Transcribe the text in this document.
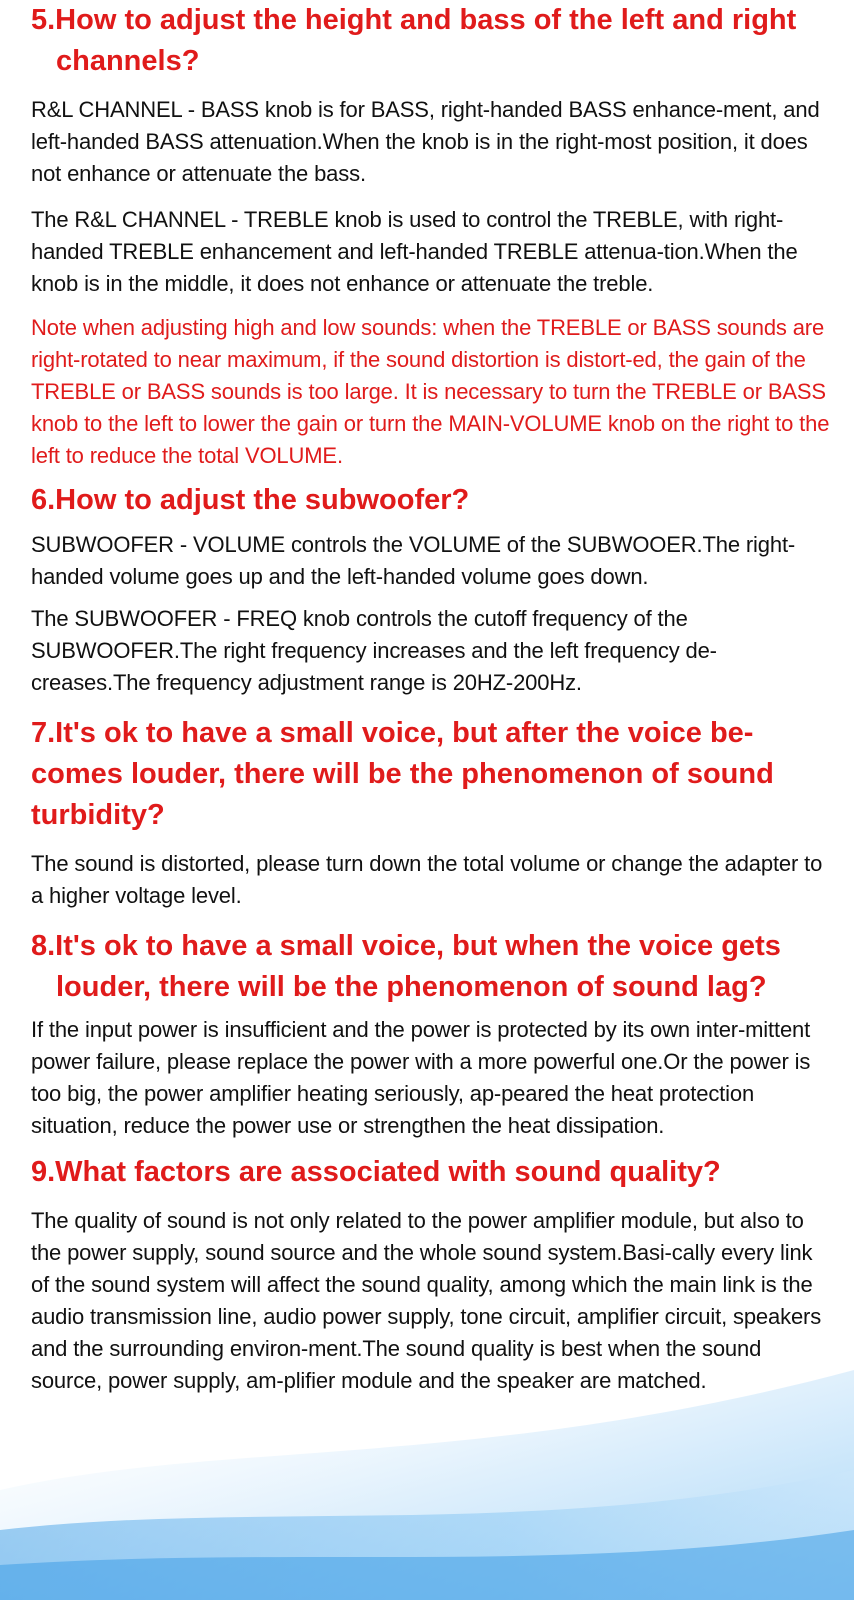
5.How to adjust the height and bass of the left and right channels?

R&L CHANNEL - BASS knob is for BASS, right-handed BASS enhance-ment, and left-handed BASS attenuation.When the knob is in the right-most position, it does not enhance or attenuate the bass.

The R&L CHANNEL - TREBLE knob is used to control the TREBLE, with right-handed TREBLE enhancement and left-handed TREBLE attenua-tion.When the knob is in the middle, it does not enhance or attenuate the treble.

Note when adjusting high and low sounds: when the TREBLE or BASS sounds are right-rotated to near maximum, if the sound distortion is distort-ed, the gain of the TREBLE or BASS sounds is too large. It is necessary to turn the TREBLE or BASS knob to the left to lower the gain or turn the MAIN-VOLUME knob on the right to the left to reduce the total VOLUME.

6.How to adjust the subwoofer?

SUBWOOFER - VOLUME controls the VOLUME of the SUBWOOER.The right-handed volume goes up and the left-handed volume goes down.

The SUBWOOFER - FREQ knob controls the cutoff frequency of the SUBWOOFER.The right frequency increases and the left frequency de-creases.The frequency adjustment range is 20HZ-200Hz.

7.It's ok to have a small voice, but after the voice be-comes louder, there will be the phenomenon of sound turbidity?

The sound is distorted, please turn down the total volume or change the adapter to a higher voltage level.

8.It's ok to have a small voice, but when the voice gets louder, there will be the phenomenon of sound lag?

If the input power is insufficient and the power is protected by its own inter-mittent power failure, please replace the power with a more powerful one.Or the power is too big, the power amplifier heating seriously, ap-peared the heat protection situation, reduce the power use or strengthen the heat dissipation.

9.What factors are associated with sound quality?

The quality of sound is not only related to the power amplifier module, but also to the power supply, sound source and the whole sound system.Basi-cally every link of the sound system will affect the sound quality, among which the main link is the audio transmission line, audio power supply, tone circuit, amplifier circuit, speakers and the surrounding environ-ment.The sound quality is best when the sound source, power supply, am-plifier module and the speaker are matched.
